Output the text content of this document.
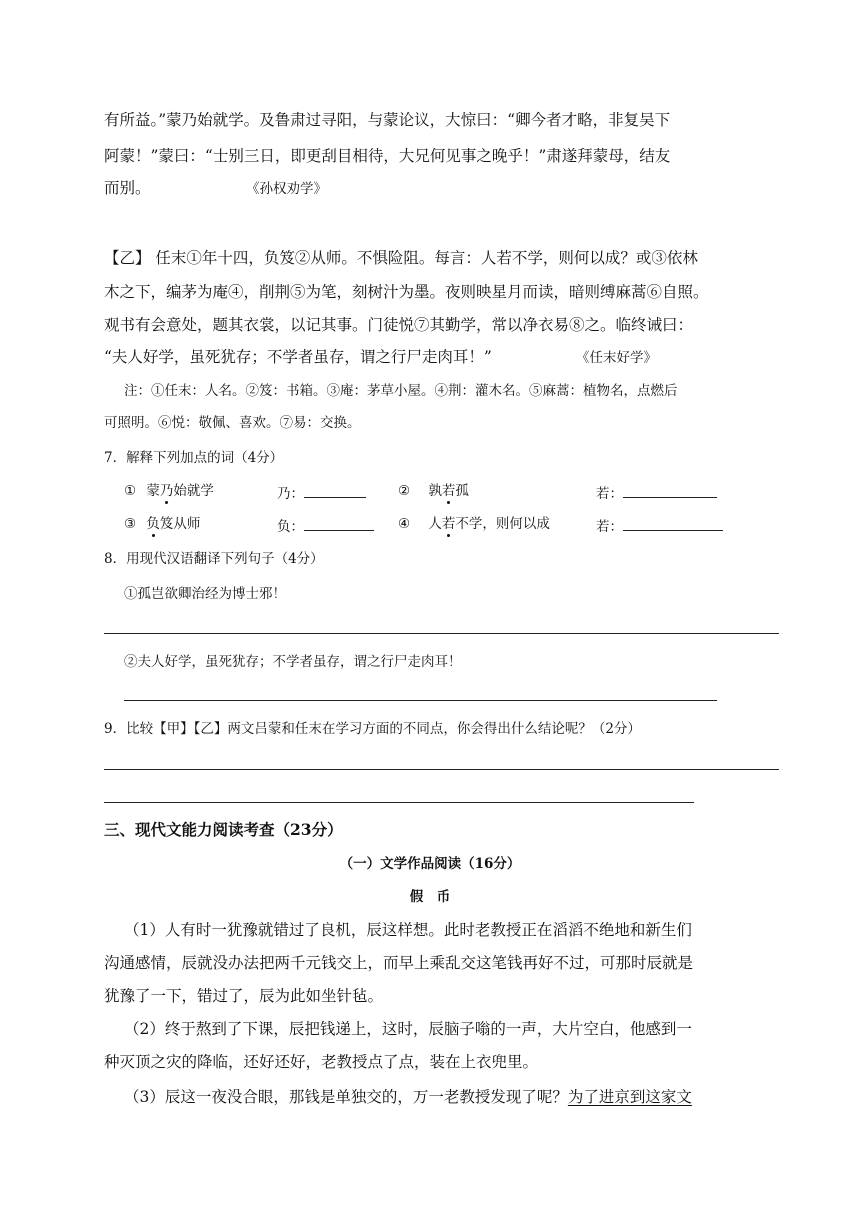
有所益。”蒙乃始就学。及鲁肃过寻阳，与蒙论议，大惊曰：“卿今者才略，非复吴下
阿蒙！”蒙曰：“士别三日，即更刮目相待，大兄何见事之晚乎！”肃遂拜蒙母，结友
而别。	《孙权劝学》
【乙】 任末①年十四，负笈②从师。不惧险阻。每言：人若不学，则何以成？或③依林
木之下，编茅为庵④，削荆⑤为笔，刻树汁为墨。夜则映星月而读，暗则缚麻蒿⑥自照。
观书有会意处，题其衣裳，以记其事。门徒悦⑦其勤学，常以净衣易⑧之。临终诫曰：
“夫人好学，虽死犹存；不学者虽存，谓之行尸走肉耳！”	《任末好学》
注：①任末：人名。②笈：书箱。③庵：茅草小屋。④荆：灌木名。⑤麻蒿：植物名，点燃后
可照明。⑥悦：敬佩、喜欢。⑦易：交换。
7．解释下列加点的词（4分）
① 蒙乃始就学	乃：	② 孰若孤	若：
③ 负笈从师	负：	④ 人若不学，则何以成	若：
8．用现代汉语翻译下列句子（4分）
①孤岂欲卿治经为博士邪！
②夫人好学，虽死犹存；不学者虽存，谓之行尸走肉耳！
9．比较【甲】【乙】两文吕蒙和任末在学习方面的不同点，你会得出什么结论呢？（2分）
三、现代文能力阅读考查（23分）
（一）文学作品阅读（16分）
假　币
（1）人有时一犹豫就错过了良机，辰这样想。此时老教授正在滔滔不绝地和新生们
沟通感情，辰就没办法把两千元钱交上，而早上乘乱交这笔钱再好不过，可那时辰就是
犹豫了一下，错过了，辰为此如坐针毡。
（2）终于熬到了下课，辰把钱递上，这时，辰脑子嗡的一声，大片空白，他感到一
种灭顶之灾的降临，还好还好，老教授点了点，装在上衣兜里。
（3）辰这一夜没合眼，那钱是单独交的，万一老教授发现了呢？为了进京到这家文
